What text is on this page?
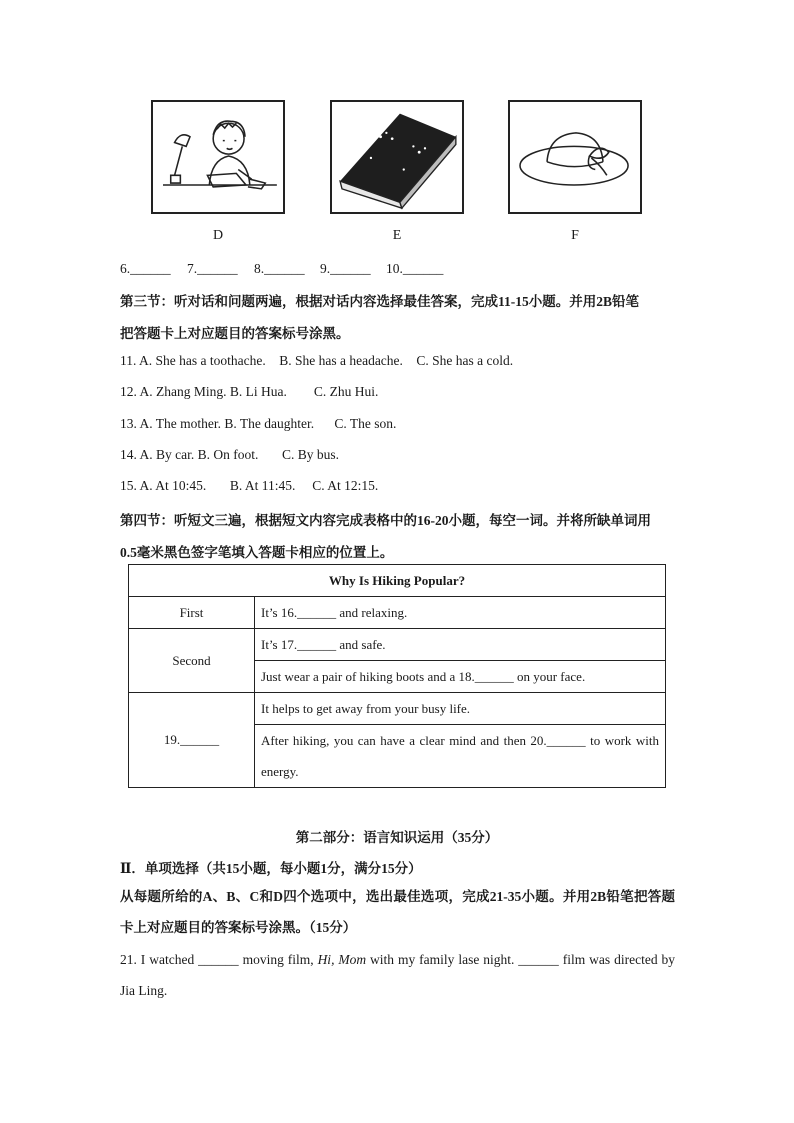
D	E	F
6.______ 7.______ 8.______ 9.______ 10.______
第三节：听对话和问题两遍，根据对话内容选择最佳答案，完成11-15小题。并用2B铅笔
把答题卡上对应题目的答案标号涂黑。
11. A. She has a toothache.    B. She has a headache.    C. She has a cold.
12. A. Zhang Ming. B. Li Hua.        C. Zhu Hui.
13. A. The mother. B. The daughter.      C. The son.
14. A. By car. B. On foot.       C. By bus.
15. A. At 10:45.       B. At 11:45.     C. At 12:15.
第四节：听短文三遍，根据短文内容完成表格中的16-20小题，每空一词。并将所缺单词用
0.5毫米黑色签字笔填入答题卡相应的位置上。
Why Is Hiking Popular?	
First	It’s 16.______ and relaxing.
Second	It’s 17.______ and safe.
	Just wear a pair of hiking boots and a 18.______ on your face.
19.______	It helps to get away from your busy life.
	After hiking, you can have a clear mind and then 20.______ to work with energy.
第二部分：语言知识运用（35分）
Ⅱ．单项选择（共15小题，每小题1分，满分15分）
从每题所给的A、B、C和D四个选项中，选出最佳选项，完成21-35小题。并用2B铅笔把答题卡上对应题目的答案标号涂黑。（15分）
21. I watched ______ moving film, Hi, Mom with my family lase night. ______ film was directed by Jia Ling.
